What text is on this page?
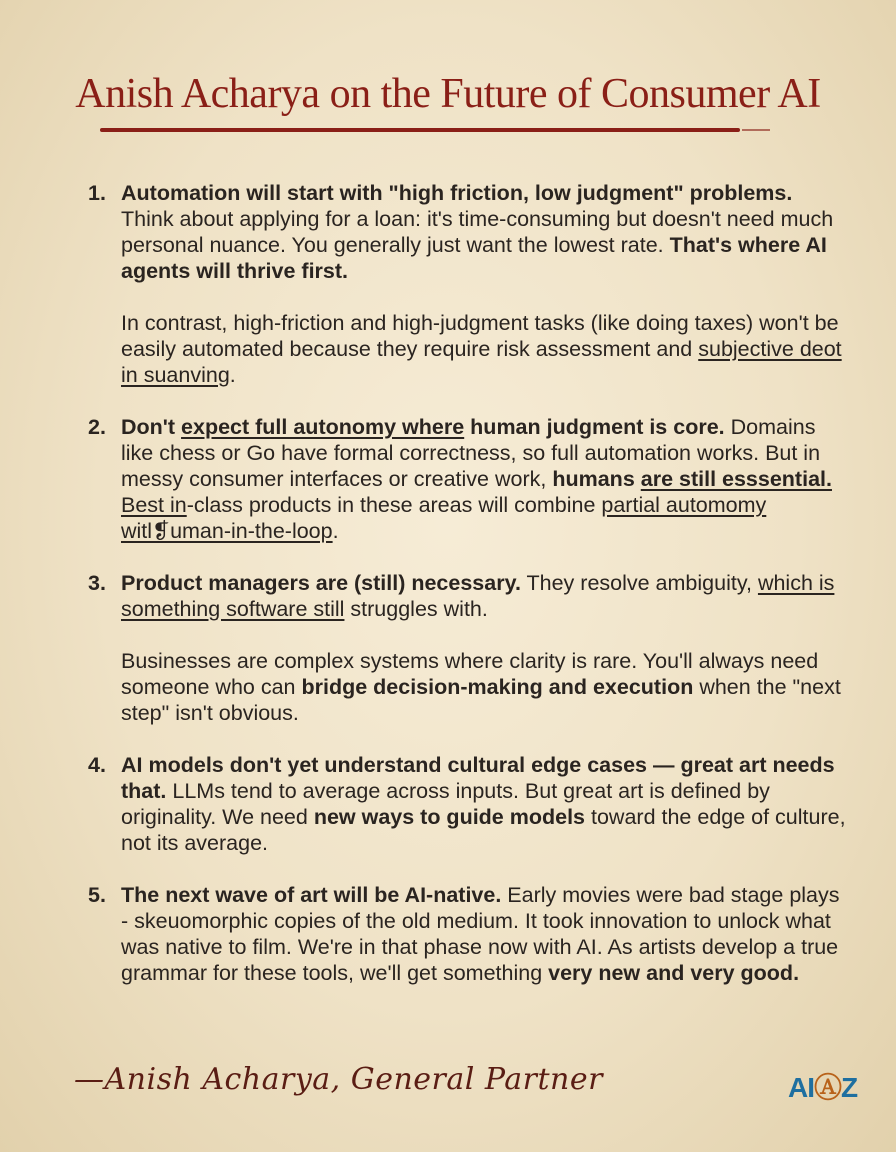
Anish Acharya on the Future of Consumer AI
1. Automation will start with "high friction, low judgment" problems. Think about applying for a loan: it's time-consuming but doesn't need much personal nuance. You generally just want the lowest rate. That's where AI agents will thrive first.

In contrast, high-friction and high-judgment tasks (like doing taxes) won't be easily automated because they require risk assessment and subjective deot in suanving.

2. Don't expect full autonomy where human judgment is core. Domains like chess or Go have formal correctness, so full automation works. But in messy consumer interfaces or creative work, humans are still esssential. Best in-class products in these areas will combine partial automomy witl❡uman-in-the-loop.

3. Product managers are (still) necessary. They resolve ambiguity, which is something software still struggles with.

Businesses are complex systems where clarity is rare. You'll always need someone who can bridge decision-making and execution when the "next step" isn't obvious.

4. AI models don't yet understand cultural edge cases — great art needs that. LLMs tend to average across inputs. But great art is defined by originality. We need new ways to guide models toward the edge of culture, not its average.

5. The next wave of art will be AI-native. Early movies were bad stage plays - skeuomorphic copies of the old medium. It took innovation to unlock what was native to film. We're in that phase now with AI. As artists develop a true grammar for these tools, we'll get something very new and very good.

—Anish Acharya, General Partner	AIⒶZ
